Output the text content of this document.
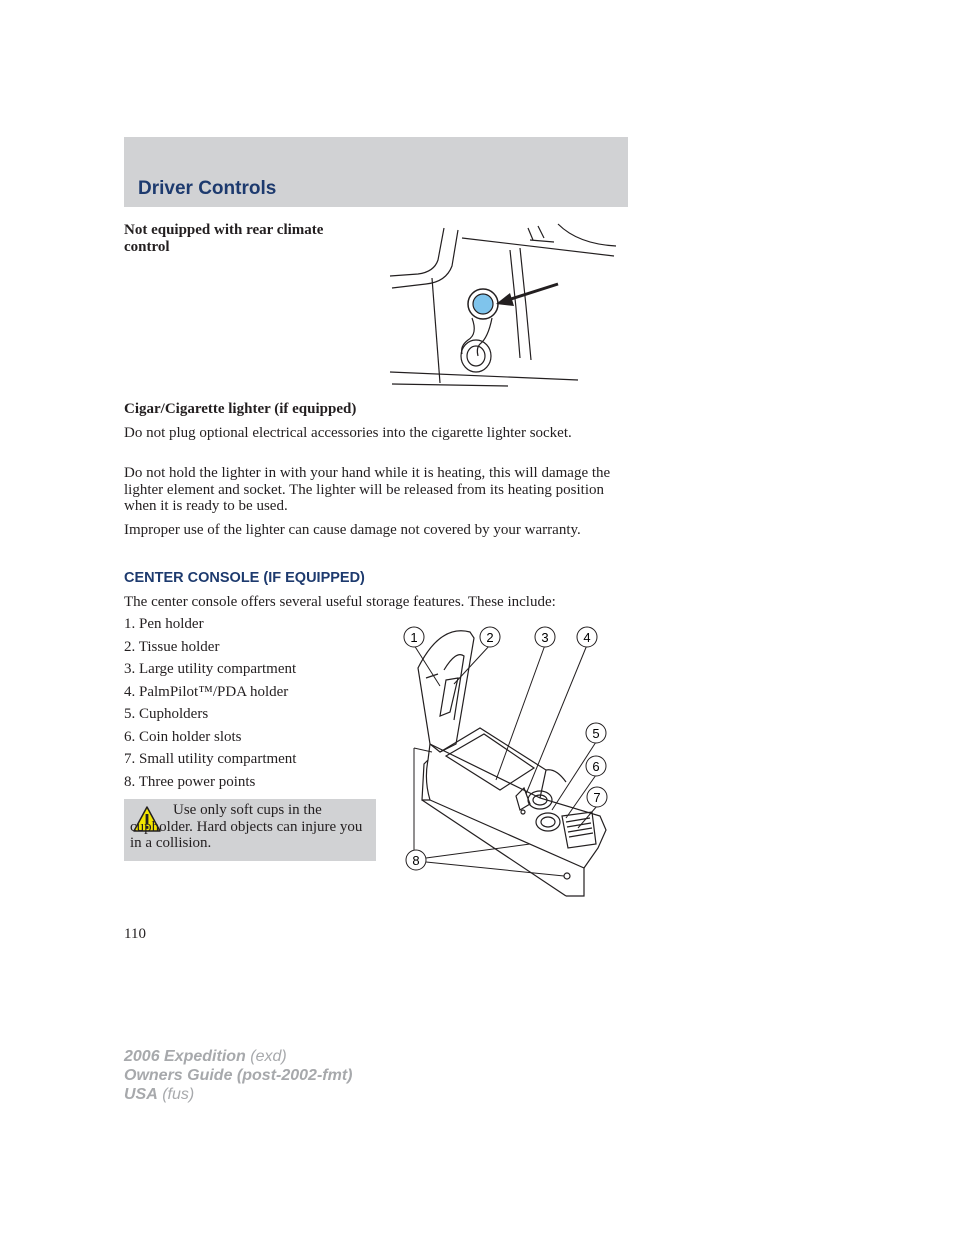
Driver Controls

Not equipped with rear climate control

Cigar/Cigarette lighter (if equipped)

Do not plug optional electrical accessories into the cigarette lighter socket.

Do not hold the lighter in with your hand while it is heating, this will damage the lighter element and socket. The lighter will be released from its heating position when it is ready to be used.

Improper use of the lighter can cause damage not covered by your warranty.

CENTER CONSOLE (IF EQUIPPED)

The center console offers several useful storage features. These include:

1. Pen holder
2. Tissue holder
3. Large utility compartment
4. PalmPilot™/PDA holder
5. Cupholders
6. Coin holder slots
7. Small utility compartment
8. Three power points

Use only soft cups in the cupholder. Hard objects can injure you in a collision.

1	2	3	4
5
6
7
8
110
2006 Expedition (exd)
Owners Guide (post-2002-fmt)
USA (fus)
